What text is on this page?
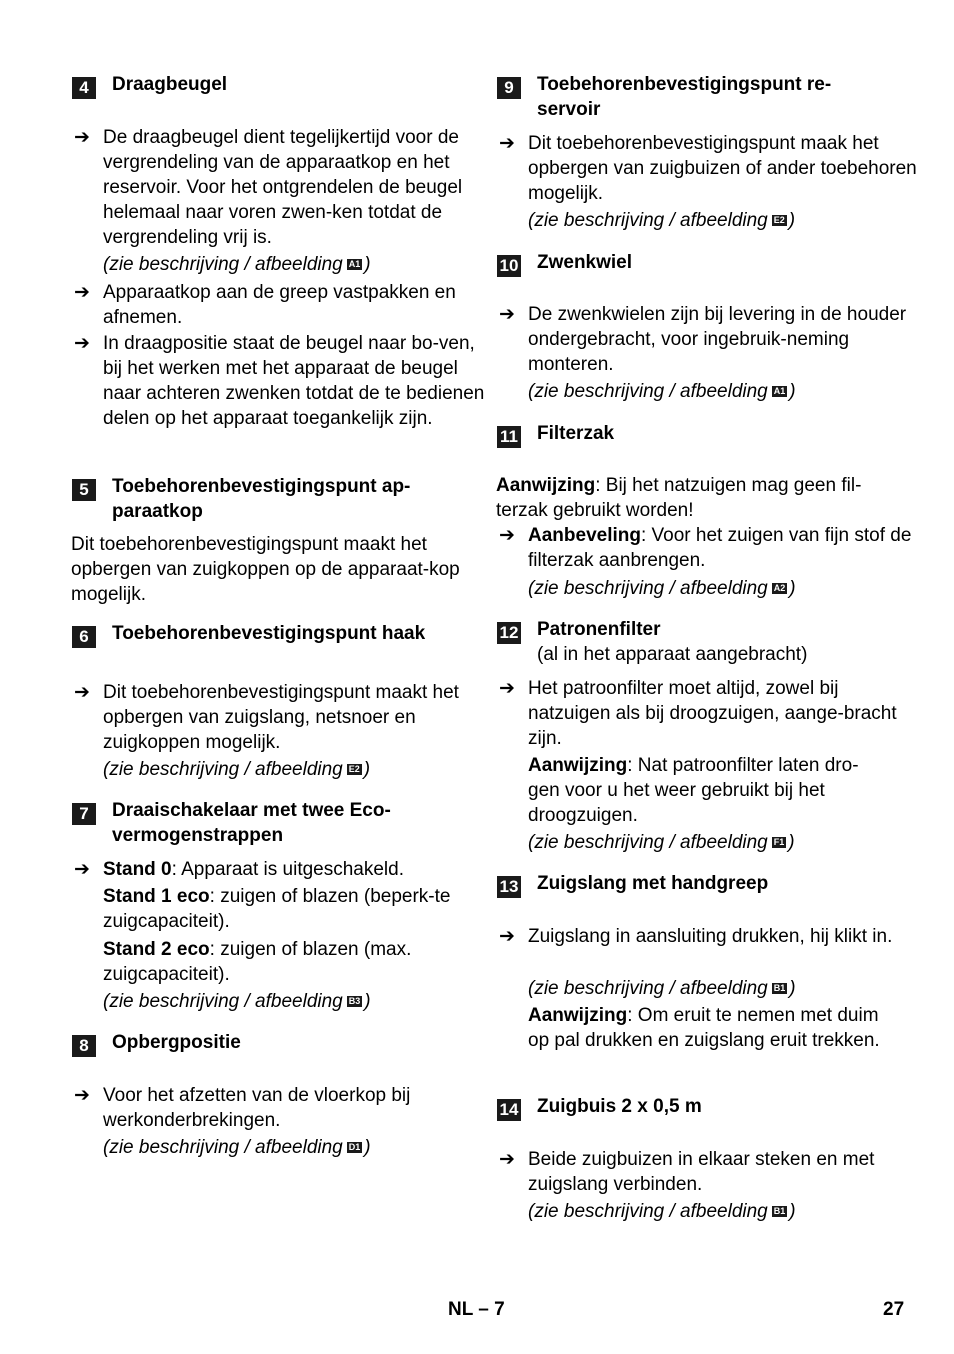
4	Draagbeugel
➔ De draagbeugel dient tegelijkertijd voor de vergrendeling van de apparaatkop en het reservoir. Voor het ontgrendelen de beugel helemaal naar voren zwen-ken totdat de vergrendeling vrij is.
(zie beschrijving / afbeelding A1 )
➔ Apparaatkop aan de greep vastpakken en afnemen.
➔ In draagpositie staat de beugel naar bo-ven, bij het werken met het apparaat de beugel naar achteren zwenken totdat de te bedienen delen op het apparaat toegankelijk zijn.
5	Toebehorenbevestigingspunt ap-paraatkop
Dit toebehorenbevestigingspunt maakt het opbergen van zuigkoppen op de apparaat-kop mogelijk.
6	Toebehorenbevestigingspunt haak
➔ Dit toebehorenbevestigingspunt maakt het opbergen van zuigslang, netsnoer en zuigkoppen mogelijk.
(zie beschrijving / afbeelding E2 )
7	Draaischakelaar met twee Eco-vermogenstrappen
➔ Stand 0: Apparaat is uitgeschakeld.
Stand 1 eco: zuigen of blazen (beperk-te zuigcapaciteit).
Stand 2 eco: zuigen of blazen (max. zuigcapaciteit).
(zie beschrijving / afbeelding B3 )
8	Opbergpositie
➔ Voor het afzetten van de vloerkop bij werkonderbrekingen.
(zie beschrijving / afbeelding D1 )
9	Toebehorenbevestigingspunt re-servoir
➔ Dit toebehorenbevestigingspunt maak het opbergen van zuigbuizen of ander toebehoren mogelijk.
(zie beschrijving / afbeelding E2 )
10 Zwenkwiel
➔ De zwenkwielen zijn bij levering in de houder ondergebracht, voor ingebruik-neming monteren.
(zie beschrijving / afbeelding A1 )
11 Filterzak
Aanwijzing: Bij het natzuigen mag geen fil-terzak gebruikt worden!
➔ Aanbeveling: Voor het zuigen van fijn stof de filterzak aanbrengen.
(zie beschrijving / afbeelding A2 )
12 Patronenfilter
(al in het apparaat aangebracht)
➔ Het patroonfilter moet altijd, zowel bij natzuigen als bij droogzuigen, aange-bracht zijn.
Aanwijzing: Nat patroonfilter laten dro-gen voor u het weer gebruikt bij het droogzuigen.
(zie beschrijving / afbeelding F1 )
13 Zuigslang met handgreep
➔ Zuigslang in aansluiting drukken, hij klikt in.
(zie beschrijving / afbeelding B1 )
Aanwijzing: Om eruit te nemen met duim op pal drukken en zuigslang eruit trekken.
14 Zuigbuis 2 x 0,5 m
➔ Beide zuigbuizen in elkaar steken en met zuigslang verbinden.
(zie beschrijving / afbeelding B1 )
NL – 7	27
